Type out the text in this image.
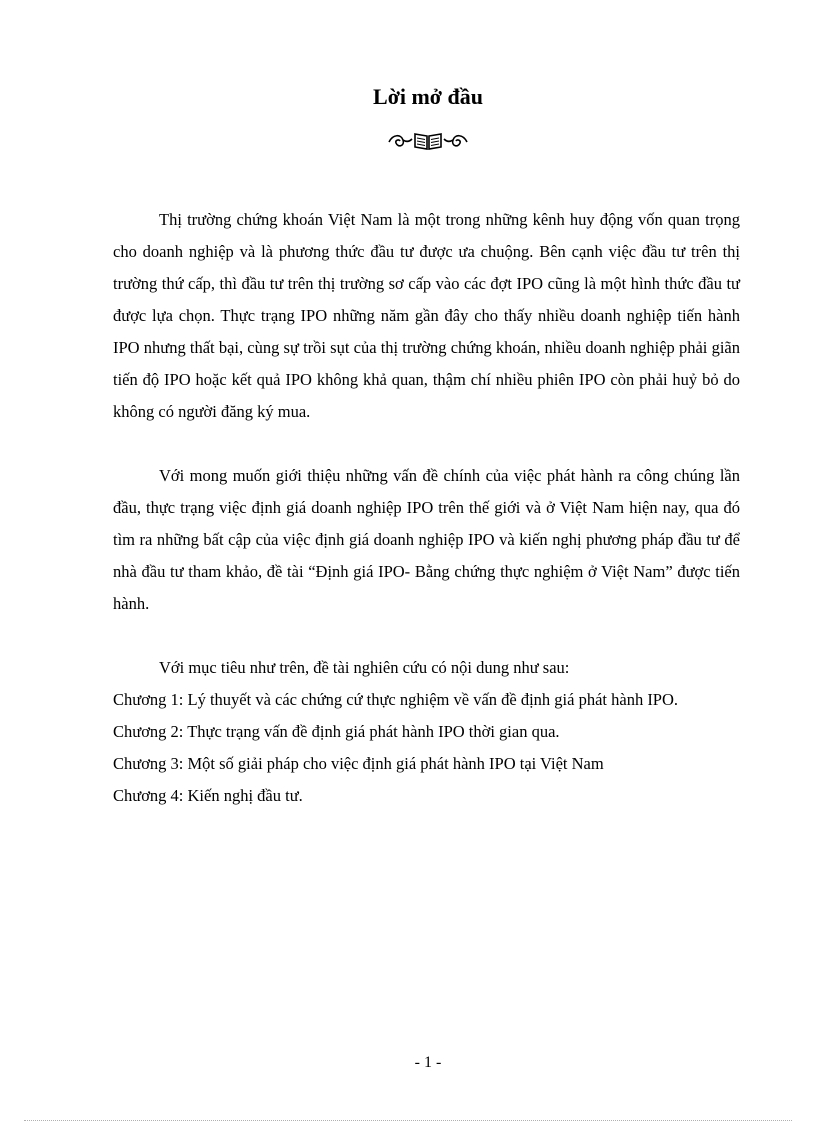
Lời mở đầu

Thị trường chứng khoán Việt Nam là một trong những kênh huy động vốn quan trọng cho doanh nghiệp và là phương thức đầu tư được ưa chuộng. Bên cạnh việc đầu tư trên thị trường thứ cấp, thì đầu tư trên thị trường sơ cấp vào các đợt IPO cũng là một hình thức đầu tư được lựa chọn. Thực trạng IPO những năm gần đây cho thấy nhiều doanh nghiệp tiến hành IPO nhưng thất bại, cùng sự trồi sụt của thị trường chứng khoán, nhiều doanh nghiệp phải giãn tiến độ IPO hoặc kết quả IPO không khả quan, thậm chí nhiều phiên IPO còn phải huỷ bỏ do không có người đăng ký mua.

Với mong muốn giới thiệu những vấn đề chính của việc phát hành ra công chúng lần đầu, thực trạng việc định giá doanh nghiệp IPO trên thế giới và ở Việt Nam hiện nay, qua đó tìm ra những bất cập của việc định giá doanh nghiệp IPO và kiến nghị phương pháp đầu tư để nhà đầu tư tham khảo, đề tài “Định giá IPO- Bằng chứng thực nghiệm ở Việt Nam” được tiến hành.

Với mục tiêu như trên, đề tài nghiên cứu có nội dung như sau:

Chương 1: Lý thuyết và các chứng cứ thực nghiệm về vấn đề định giá phát hành IPO.

Chương 2: Thực trạng vấn đề định giá phát hành IPO thời gian qua.

Chương 3: Một số giải pháp cho việc định giá phát hành IPO tại Việt Nam

Chương 4: Kiến nghị đầu tư.

- 1 -
